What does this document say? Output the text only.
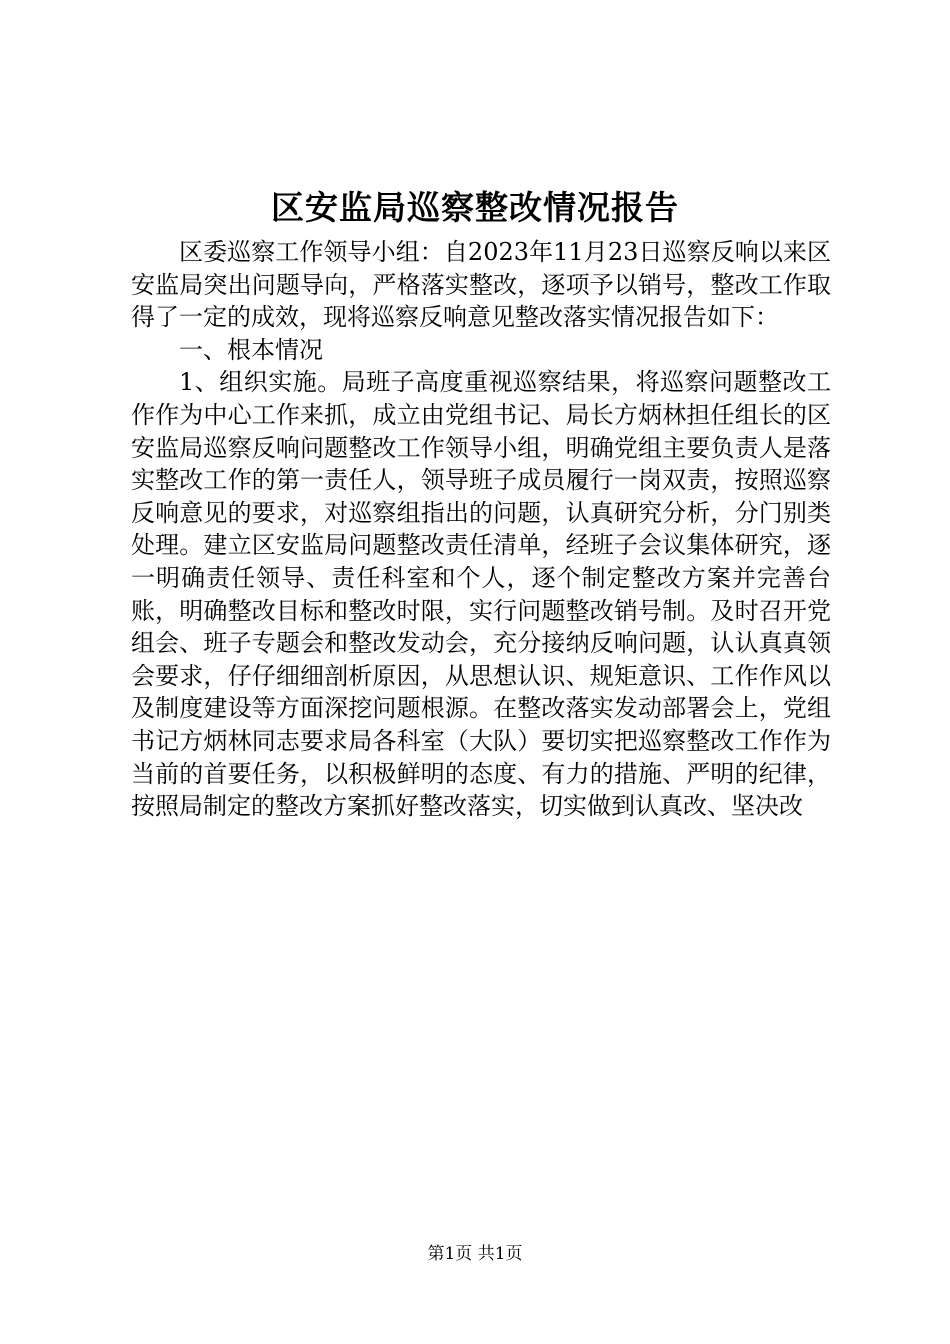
区安监局巡察整改情况报告

区委巡察工作领导小组：自2023年11月23日巡察反响以来区安监局突出问题导向，严格落实整改，逐项予以销号，整改工作取得了一定的成效，现将巡察反响意见整改落实情况报告如下：

一、根本情况

1、组织实施。局班子高度重视巡察结果，将巡察问题整改工作作为中心工作来抓，成立由党组书记、局长方炳林担任组长的区安监局巡察反响问题整改工作领导小组，明确党组主要负责人是落实整改工作的第一责任人，领导班子成员履行一岗双责，按照巡察反响意见的要求，对巡察组指出的问题，认真研究分析，分门别类处理。建立区安监局问题整改责任清单，经班子会议集体研究，逐一明确责任领导、责任科室和个人，逐个制定整改方案并完善台账，明确整改目标和整改时限，实行问题整改销号制。及时召开党组会、班子专题会和整改发动会，充分接纳反响问题，认认真真领会要求，仔仔细细剖析原因，从思想认识、规矩意识、工作作风以及制度建设等方面深挖问题根源。在整改落实发动部署会上，党组书记方炳林同志要求局各科室（大队）要切实把巡察整改工作作为当前的首要任务，以积极鲜明的态度、有力的措施、严明的纪律，按照局制定的整改方案抓好整改落实，切实做到认真改、坚决改

第1页 共1页
